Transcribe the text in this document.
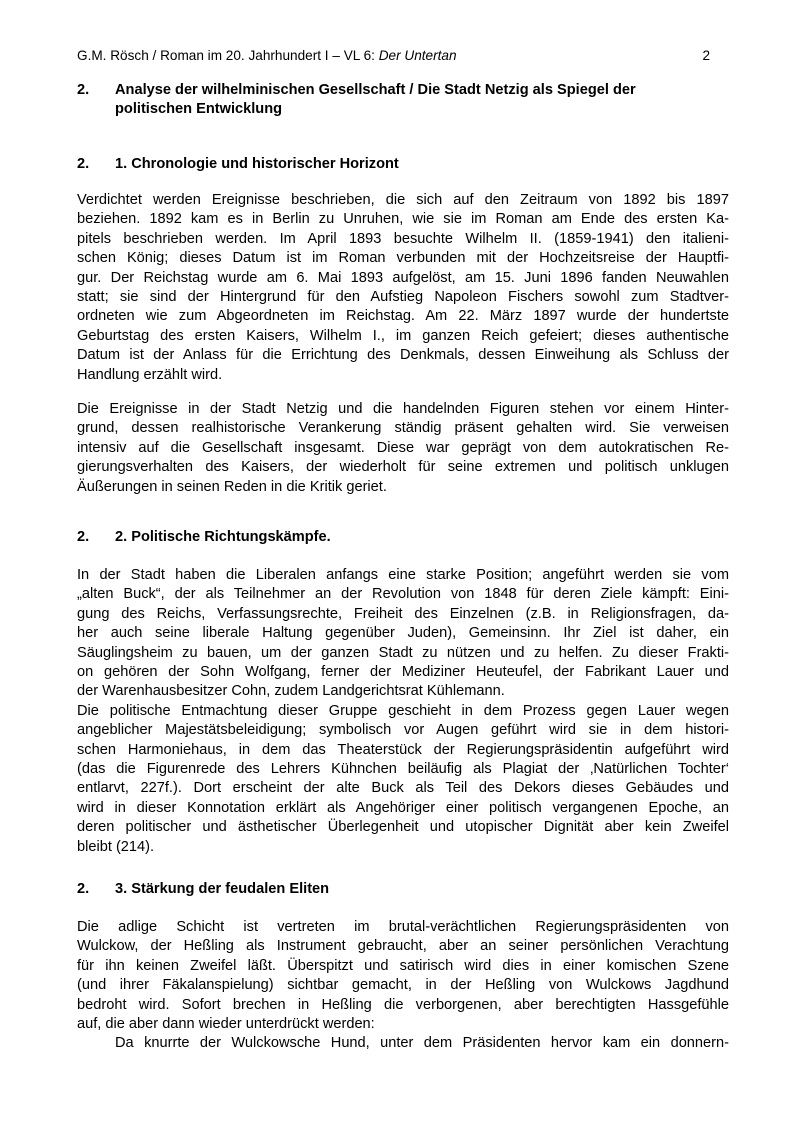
G.M. Rösch / Roman im 20. Jahrhundert I – VL 6: Der Untertan	2
2. Analyse der wilhelminischen Gesellschaft / Die Stadt Netzig als Spiegel der
politischen Entwicklung
2. 1. Chronologie und historischer Horizont
Verdichtet werden Ereignisse beschrieben, die sich auf den Zeitraum von 1892 bis 1897
beziehen. 1892 kam es in Berlin zu Unruhen, wie sie im Roman am Ende des ersten Ka-
pitels beschrieben werden. Im April 1893 besuchte Wilhelm II. (1859-1941) den italieni-
schen König; dieses Datum ist im Roman verbunden mit der Hochzeitsreise der Hauptfi-
gur. Der Reichstag wurde am 6. Mai 1893 aufgelöst, am 15. Juni 1896 fanden Neuwahlen
statt; sie sind der Hintergrund für den Aufstieg Napoleon Fischers sowohl zum Stadtver-
ordneten wie zum Abgeordneten im Reichstag. Am 22. März 1897 wurde der hundertste
Geburtstag des ersten Kaisers, Wilhelm I., im ganzen Reich gefeiert; dieses authentische
Datum ist der Anlass für die Errichtung des Denkmals, dessen Einweihung als Schluss der
Handlung erzählt wird.
Die Ereignisse in der Stadt Netzig und die handelnden Figuren stehen vor einem Hinter-
grund, dessen realhistorische Verankerung ständig präsent gehalten wird. Sie verweisen
intensiv auf die Gesellschaft insgesamt. Diese war geprägt von dem autokratischen Re-
gierungsverhalten des Kaisers, der wiederholt für seine extremen und politisch unklugen
Äußerungen in seinen Reden in die Kritik geriet.
2. 2. Politische Richtungskämpfe.
In der Stadt haben die Liberalen anfangs eine starke Position; angeführt werden sie vom
„alten Buck“, der als Teilnehmer an der Revolution von 1848 für deren Ziele kämpft: Eini-
gung des Reichs, Verfassungsrechte, Freiheit des Einzelnen (z.B. in Religionsfragen, da-
her auch seine liberale Haltung gegenüber Juden), Gemeinsinn. Ihr Ziel ist daher, ein
Säuglingsheim zu bauen, um der ganzen Stadt zu nützen und zu helfen. Zu dieser Frakti-
on gehören der Sohn Wolfgang, ferner der Mediziner Heuteufel, der Fabrikant Lauer und
der Warenhausbesitzer Cohn, zudem Landgerichtsrat Kühlemann.
Die politische Entmachtung dieser Gruppe geschieht in dem Prozess gegen Lauer wegen
angeblicher Majestätsbeleidigung; symbolisch vor Augen geführt wird sie in dem histori-
schen Harmoniehaus, in dem das Theaterstück der Regierungspräsidentin aufgeführt wird
(das die Figurenrede des Lehrers Kühnchen beiläufig als Plagiat der ‚Natürlichen Tochter‘
entlarvt, 227f.). Dort erscheint der alte Buck als Teil des Dekors dieses Gebäudes und
wird in dieser Konnotation erklärt als Angehöriger einer politisch vergangenen Epoche, an
deren politischer und ästhetischer Überlegenheit und utopischer Dignität aber kein Zweifel
bleibt (214).
2. 3. Stärkung der feudalen Eliten
Die adlige Schicht ist vertreten im brutal-verächtlichen Regierungspräsidenten von
Wulckow, der Heßling als Instrument gebraucht, aber an seiner persönlichen Verachtung
für ihn keinen Zweifel läßt. Überspitzt und satirisch wird dies in einer komischen Szene
(und ihrer Fäkalanspielung) sichtbar gemacht, in der Heßling von Wulckows Jagdhund
bedroht wird. Sofort brechen in Heßling die verborgenen, aber berechtigten Hassgefühle
auf, die aber dann wieder unterdrückt werden:
Da knurrte der Wulckowsche Hund, unter dem Präsidenten hervor kam ein donnern-
